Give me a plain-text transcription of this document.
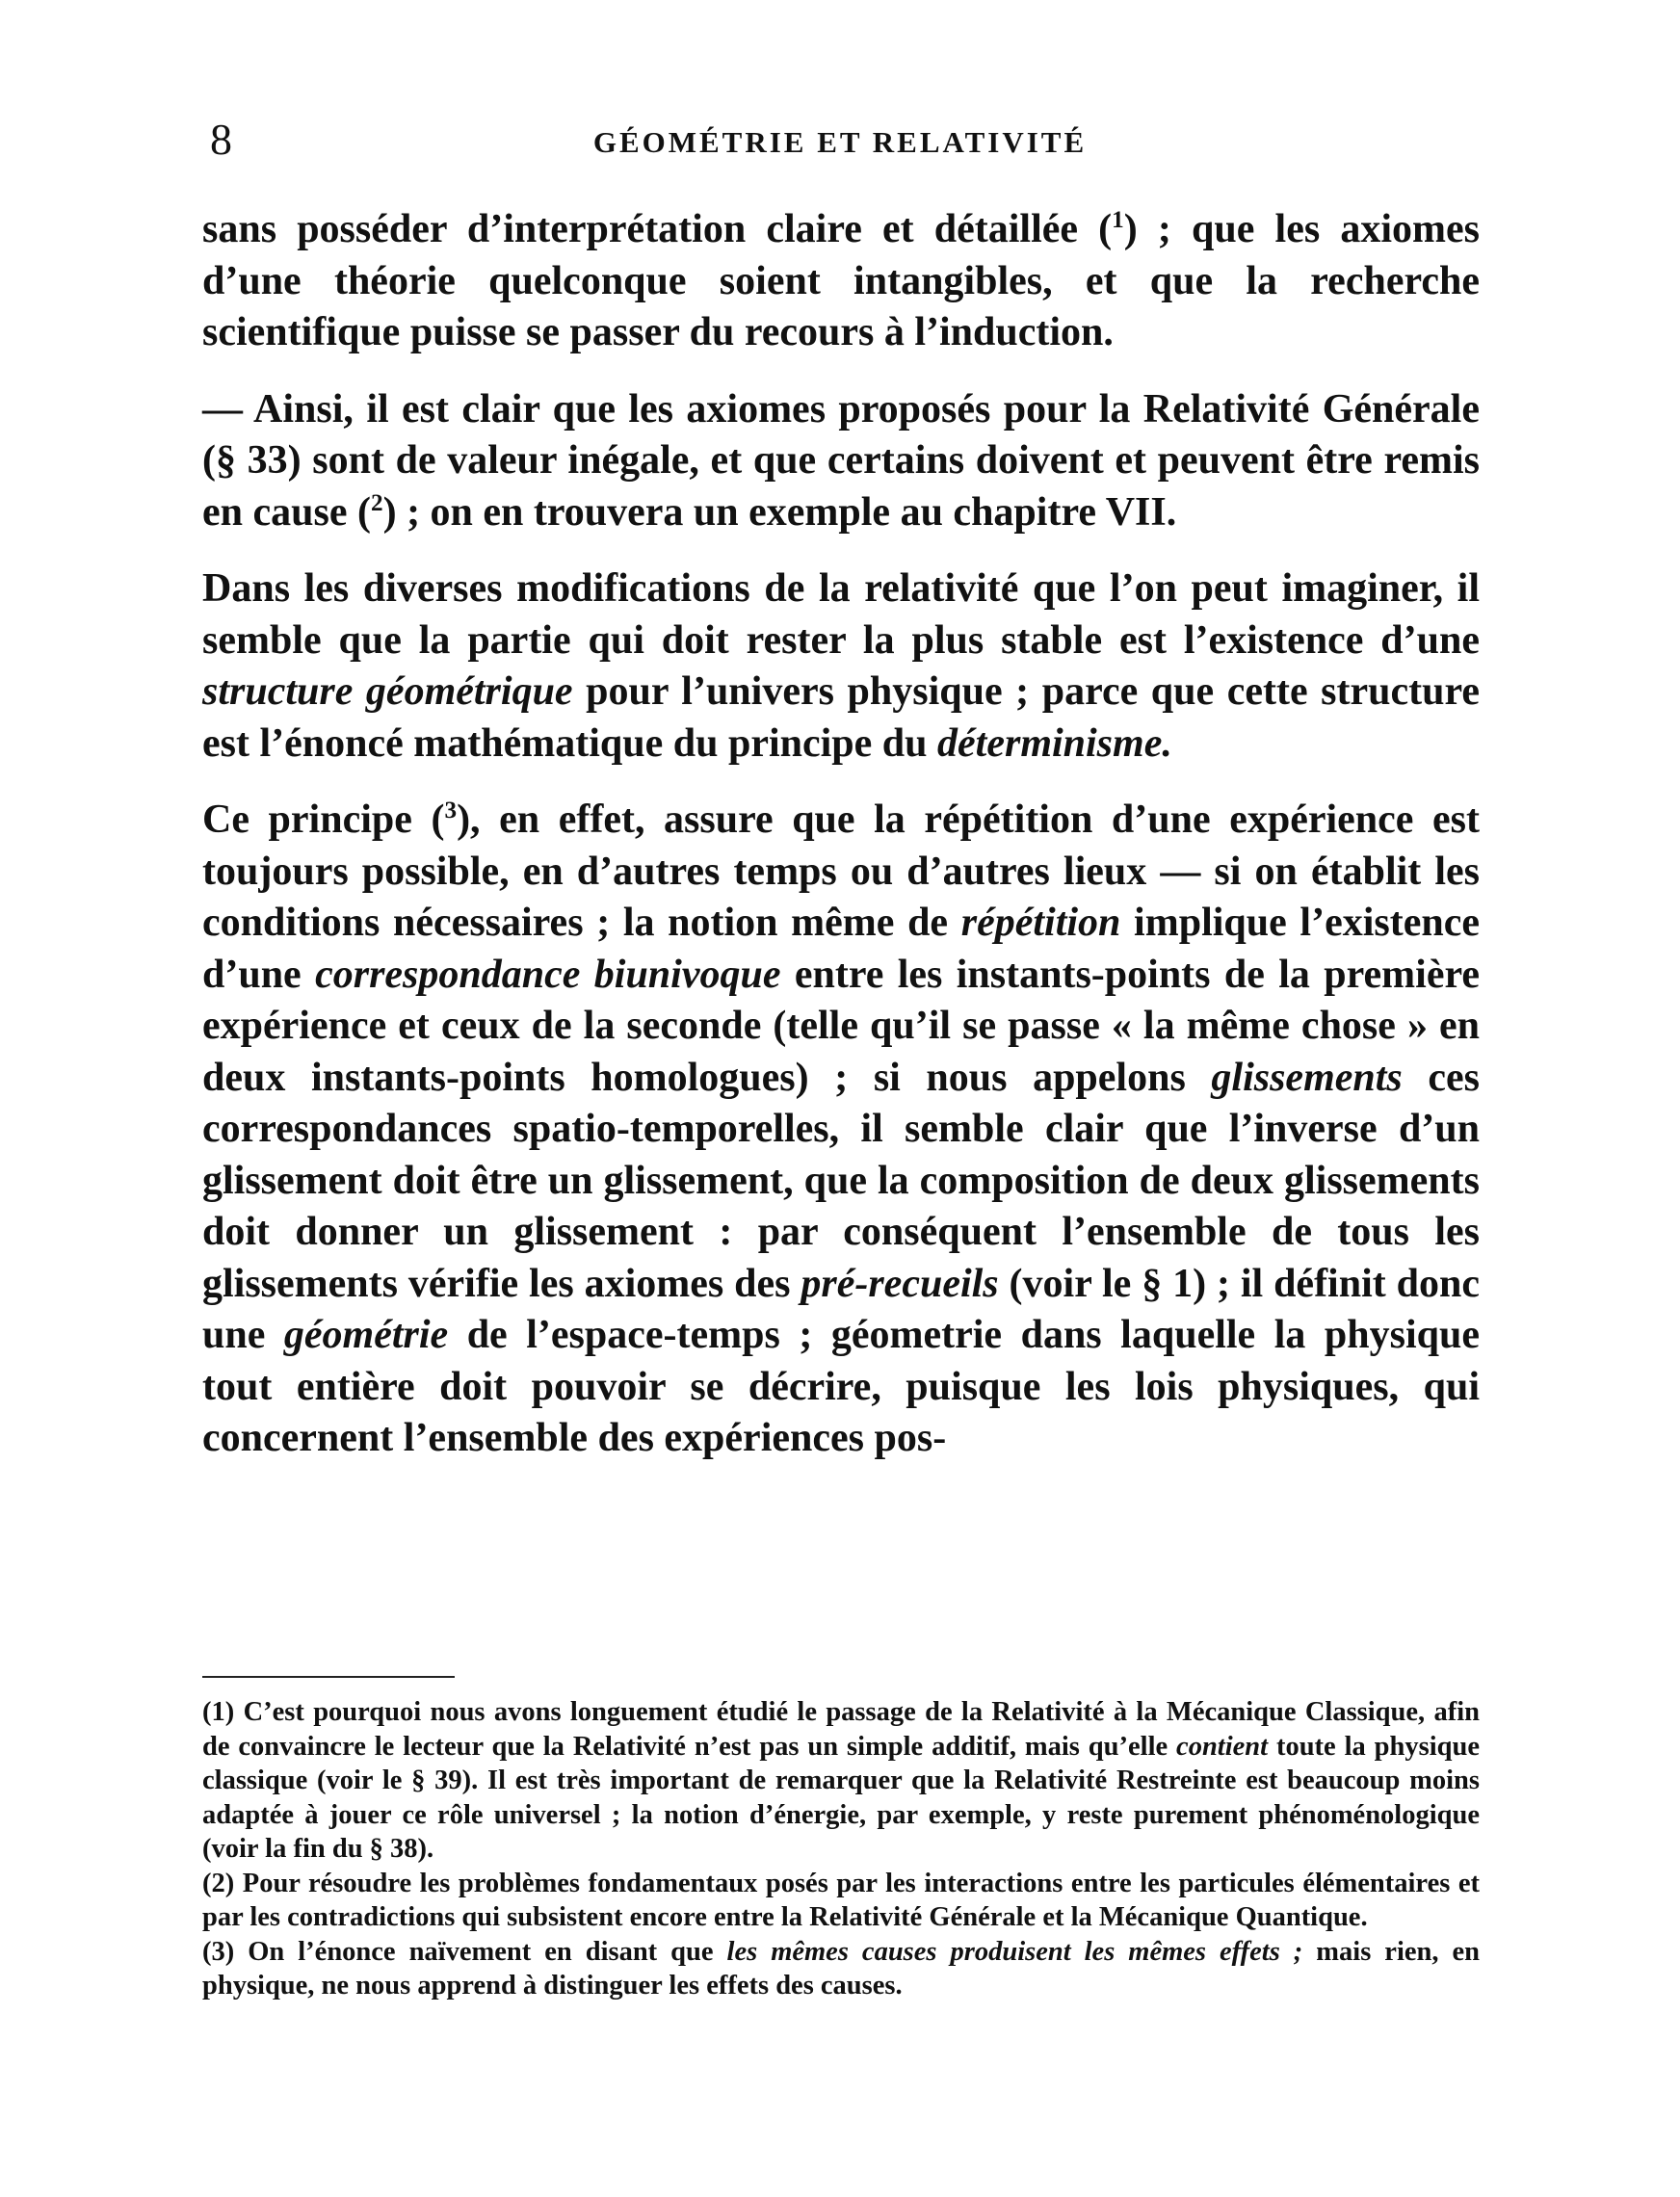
8	GÉOMÉTRIE ET RELATIVITÉ

sans posséder d’interprétation claire et détaillée ($^1$) ; que les axiomes d’une théorie quelconque soient intangibles, et que la recherche scientifique puisse se passer du recours à l’induction.

— Ainsi, il est clair que les axiomes proposés pour la Relativité Générale (§ 33) sont de valeur inégale, et que certains doivent et peuvent être remis en cause ($^2$) ; on en trouvera un exemple au chapitre VII.

Dans les diverses modifications de la relativité que l’on peut imaginer, il semble que la partie qui doit rester la plus stable est l’existence d’une structure géométrique pour l’univers physique ; parce que cette structure est l’énoncé mathématique du principe du déterminisme.

Ce principe ($^3$), en effet, assure que la répétition d’une expérience est toujours possible, en d’autres temps ou d’autres lieux — si on établit les conditions nécessaires ; la notion même de répétition implique l’existence d’une correspondance biunivoque entre les instants-points de la première expérience et ceux de la seconde (telle qu’il se passe « la même chose » en deux instants-points homologues) ; si nous appelons glissements ces correspondances spatio-temporelles, il semble clair que l’inverse d’un glissement doit être un glissement, que la composition de deux glissements doit donner un glissement : par conséquent l’ensemble de tous les glissements vérifie les axiomes des pré-recueils (voir le § 1) ; il définit donc une géométrie de l’espace-temps ; géometrie dans laquelle la physique tout entière doit pouvoir se décrire, puisque les lois physiques, qui concernent l’ensemble des expériences pos-

(1) C’est pourquoi nous avons longuement étudié le passage de la Relativité à la Mécanique Classique, afin de convaincre le lecteur que la Relativité n’est pas un simple additif, mais qu’elle contient toute la physique classique (voir le § 39). Il est très important de remarquer que la Relativité Restreinte est beaucoup moins adaptée à jouer ce rôle universel ; la notion d’énergie, par exemple, y reste purement phénoménologique (voir la fin du § 38).

(2) Pour résoudre les problèmes fondamentaux posés par les interactions entre les particules élémentaires et par les contradictions qui subsistent encore entre la Relativité Générale et la Mécanique Quantique.

(3) On l’énonce naïvement en disant que les mêmes causes produisent les mêmes effets ; mais rien, en physique, ne nous apprend à distinguer les effets des causes.
